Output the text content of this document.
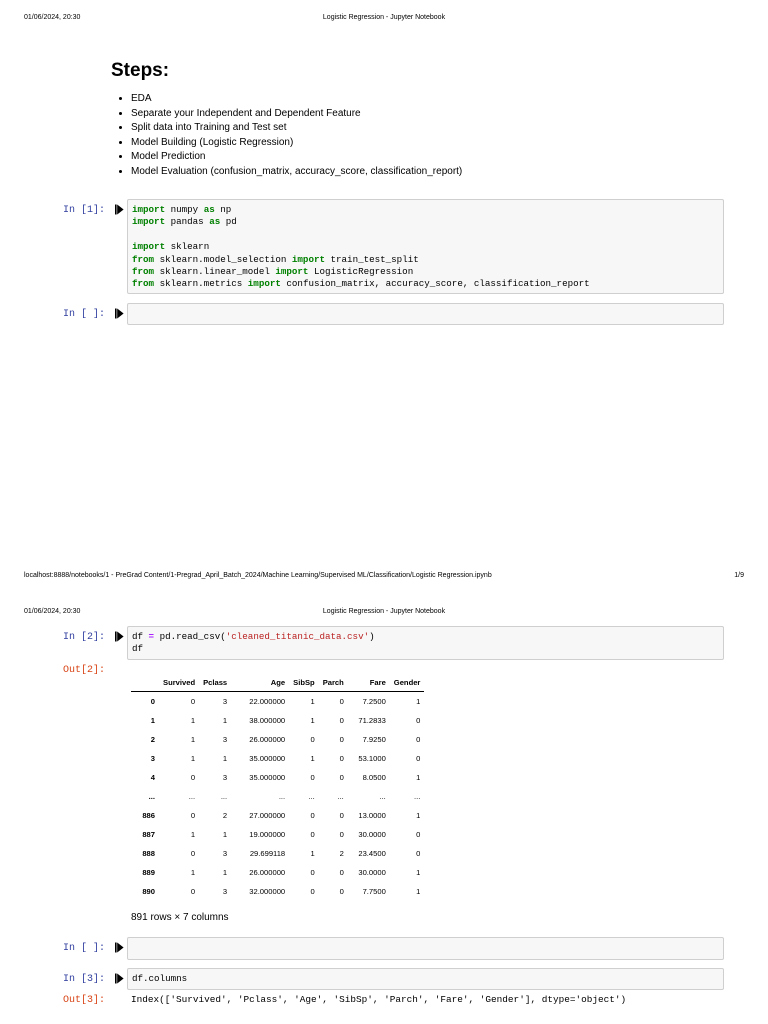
01/06/2024, 20:30	Logistic Regression - Jupyter Notebook
Steps:
• EDA
• Separate your Independent and Dependent Feature
• Split data into Training and Test set
• Model Building (Logistic Regression)
• Model Prediction
• Model Evaluation (confusion_matrix, accuracy_score, classification_report)
In [1]:	import numpy as np
import pandas as pd

import sklearn
from sklearn.model_selection import train_test_split
from sklearn.linear_model import LogisticRegression
from sklearn.metrics import confusion_matrix, accuracy_score, classification_report
In [ ]:
localhost:8888/notebooks/1 - PreGrad Content/1-Pregrad_April_Batch_2024/Machine Learning/Supervised ML/Classification/Logistic Regression.ipynb	1/9
01/06/2024, 20:30	Logistic Regression - Jupyter Notebook
In [2]:	df = pd.read_csv('cleaned_titanic_data.csv')
df
Out[2]:
	Survived	Pclass	Age	SibSp	Parch	Fare	Gender
0	0	3	22.000000	1	0	7.2500	1
1	1	1	38.000000	1	0	71.2833	0
2	1	3	26.000000	0	0	7.9250	0
3	1	1	35.000000	1	0	53.1000	0
4	0	3	35.000000	0	0	8.0500	1
...	...	...	...	...	...	...	...
886	0	2	27.000000	0	0	13.0000	1
887	1	1	19.000000	0	0	30.0000	0
888	0	3	29.699118	1	2	23.4500	0
889	1	1	26.000000	0	0	30.0000	1
890	0	3	32.000000	0	0	7.7500	1
891 rows × 7 columns
In [ ]:
In [3]:	df.columns
Out[3]:	Index(['Survived', 'Pclass', 'Age', 'SibSp', 'Parch', 'Fare', 'Gender'], dtype='object')
